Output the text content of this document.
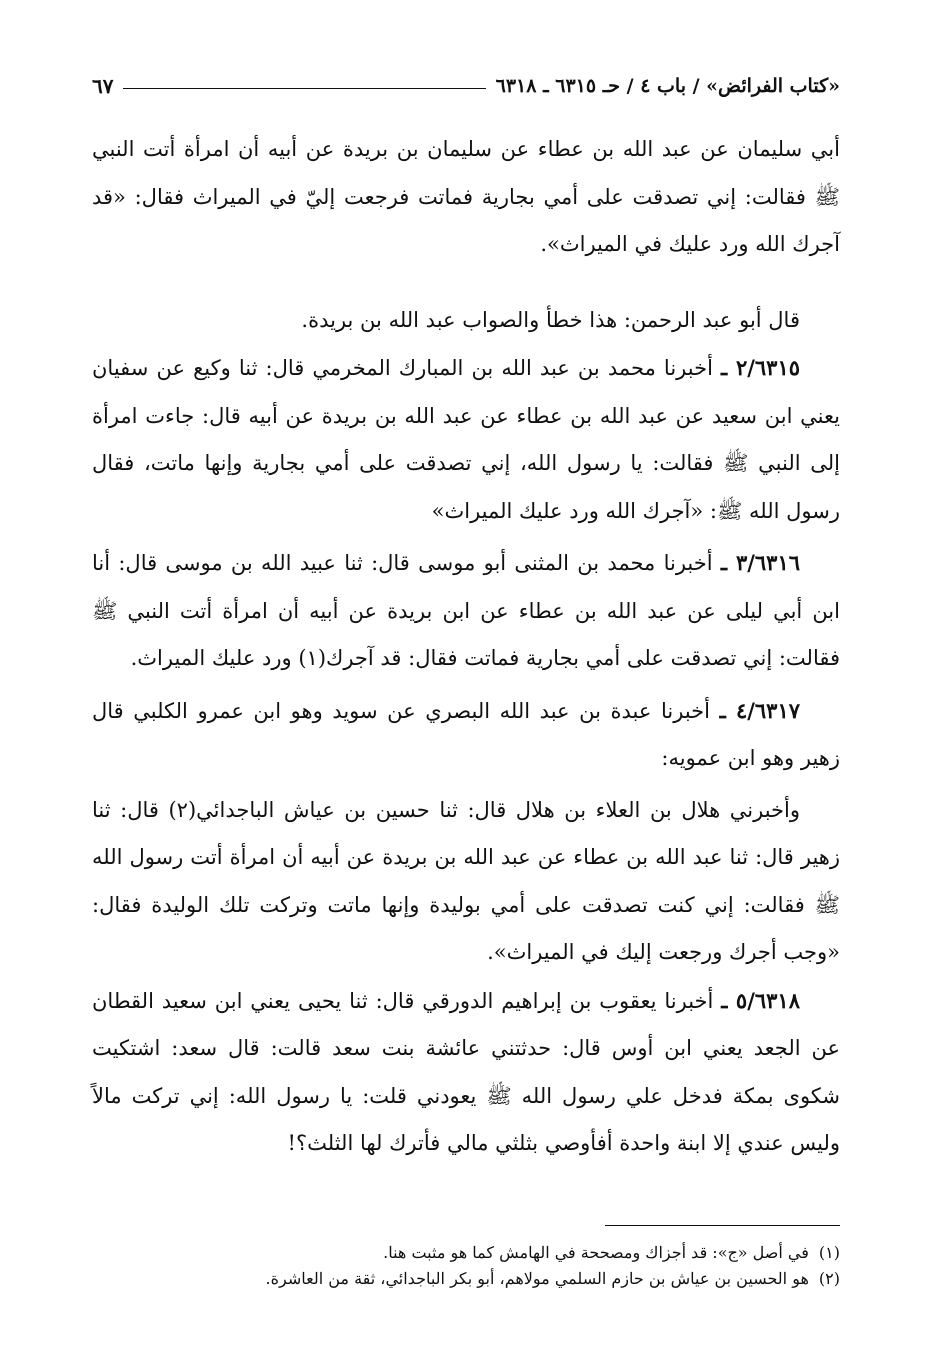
«كتاب الفرائض» / باب ٤ / حـ ٦٣١٥ ـ ٦٣١٨
٦٧

أبي سليمان عن عبد الله بن عطاء عن سليمان بن بريدة عن أبيه أن امرأة أتت النبي ﷺ فقالت: إني تصدقت على أمي بجارية فماتت فرجعت إليّ في الميراث فقال: «قد آجرك الله ورد عليك في الميراث».

قال أبو عبد الرحمن: هذا خطأ والصواب عبد الله بن بريدة.

٢/٦٣١٥ ـ أخبرنا محمد بن عبد الله بن المبارك المخرمي قال: ثنا وكيع عن سفيان يعني ابن سعيد عن عبد الله بن عطاء عن عبد الله بن بريدة عن أبيه قال: جاءت امرأة إلى النبي ﷺ فقالت: يا رسول الله، إني تصدقت على أمي بجارية وإنها ماتت، فقال رسول الله ﷺ: «آجرك الله ورد عليك الميراث»

٣/٦٣١٦ ـ أخبرنا محمد بن المثنى أبو موسى قال: ثنا عبيد الله بن موسى قال: أنا ابن أبي ليلى عن عبد الله بن عطاء عن ابن بريدة عن أبيه أن امرأة أتت النبي ﷺ فقالت: إني تصدقت على أمي بجارية فماتت فقال: قد آجرك(١) ورد عليك الميراث.

٤/٦٣١٧ ـ أخبرنا عبدة بن عبد الله البصري عن سويد وهو ابن عمرو الكلبي قال زهير وهو ابن عمويه:

وأخبرني هلال بن العلاء بن هلال قال: ثنا حسين بن عياش الباجدائي(٢) قال: ثنا زهير قال: ثنا عبد الله بن عطاء عن عبد الله بن بريدة عن أبيه أن امرأة أتت رسول الله ﷺ فقالت: إني كنت تصدقت على أمي بوليدة وإنها ماتت وتركت تلك الوليدة فقال: «وجب أجرك ورجعت إليك في الميراث».

٥/٦٣١٨ ـ أخبرنا يعقوب بن إبراهيم الدورقي قال: ثنا يحيى يعني ابن سعيد القطان عن الجعد يعني ابن أوس قال: حدثتني عائشة بنت سعد قالت: قال سعد: اشتكيت شكوى بمكة فدخل علي رسول الله ﷺ يعودني قلت: يا رسول الله: إني تركت مالاً وليس عندي إلا ابنة واحدة أفأوصي بثلثي مالي فأترك لها الثلث؟!

(١)
في أصل «ج»: قد أجزاك ومصححة في الهامش كما هو مثبت هنا.
(٢)
هو الحسين بن عياش بن حازم السلمي مولاهم، أبو بكر الباجدائي، ثقة من العاشرة.
